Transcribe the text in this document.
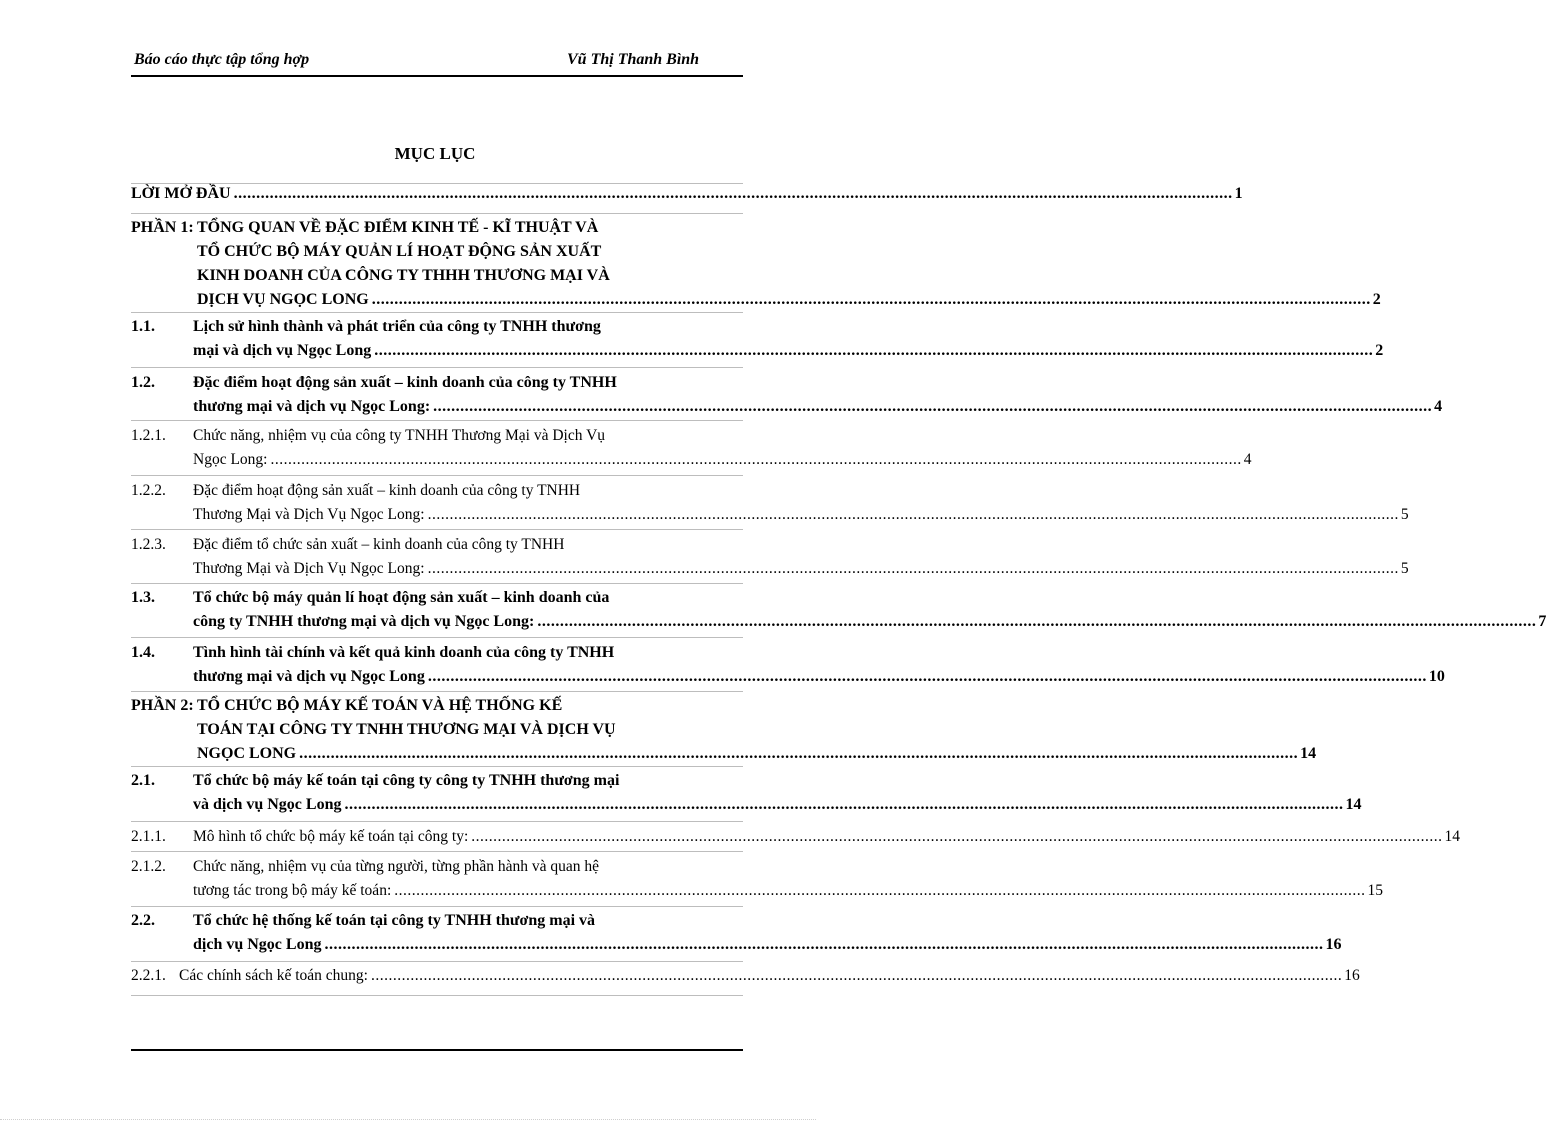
Báo cáo thực tập tổng hợp	Vũ Thị Thanh Bình
MỤC LỤC
LỜI MỞ ĐẦU .............................................................................................................................................................................................................................. 1
PHẦN 1: TỔNG QUAN VỀ ĐẶC ĐIỂM KINH TẾ - KĨ THUẬT VÀ
TỔ CHỨC BỘ MÁY QUẢN LÍ HOẠT ĐỘNG SẢN XUẤT
KINH DOANH CỦA CÔNG TY THHH THƯƠNG MẠI VÀ
DỊCH VỤ NGỌC LONG .............................................................................................................................................................................................................................. 2
1.1. Lịch sử hình thành và phát triển của công ty TNHH thương
mại và dịch vụ Ngọc Long .............................................................................................................................................................................................................................. 2
1.2. Đặc điểm hoạt động sản xuất – kinh doanh của công ty TNHH
thương mại và dịch vụ Ngọc Long: .............................................................................................................................................................................................................................. 4
1.2.1. Chức năng, nhiệm vụ của công ty TNHH Thương Mại và Dịch Vụ
Ngọc Long: .............................................................................................................................................................................................................................. 4
1.2.2. Đặc điểm hoạt động sản xuất – kinh doanh của công ty TNHH
Thương Mại và Dịch Vụ Ngọc Long: .............................................................................................................................................................................................................................. 5
1.2.3. Đặc điểm tổ chức sản xuất – kinh doanh của công ty TNHH
Thương Mại và Dịch Vụ Ngọc Long: .............................................................................................................................................................................................................................. 5
1.3. Tổ chức bộ máy quản lí hoạt động sản xuất – kinh doanh của
công ty TNHH thương mại và dịch vụ Ngọc Long: .............................................................................................................................................................................................................................. 7
1.4. Tình hình tài chính và kết quả kinh doanh của công ty TNHH
thương mại và dịch vụ Ngọc Long .............................................................................................................................................................................................................................. 10
PHẦN 2: TỔ CHỨC BỘ MÁY KẾ TOÁN VÀ HỆ THỐNG KẾ
TOÁN TẠI CÔNG TY TNHH THƯƠNG MẠI VÀ DỊCH VỤ
NGỌC LONG .............................................................................................................................................................................................................................. 14
2.1. Tổ chức bộ máy kế toán tại công ty công ty TNHH thương mại
và dịch vụ Ngọc Long .............................................................................................................................................................................................................................. 14
2.1.1. Mô hình tổ chức bộ máy kế toán tại công ty: .............................................................................................................................................................................................................................. 14
2.1.2. Chức năng, nhiệm vụ của từng người, từng phần hành và quan hệ
tương tác trong bộ máy kế toán: .............................................................................................................................................................................................................................. 15
2.2. Tổ chức hệ thống kế toán tại công ty TNHH thương mại và
dịch vụ Ngọc Long .............................................................................................................................................................................................................................. 16
2.2.1. Các chính sách kế toán chung: .............................................................................................................................................................................................................................. 16
